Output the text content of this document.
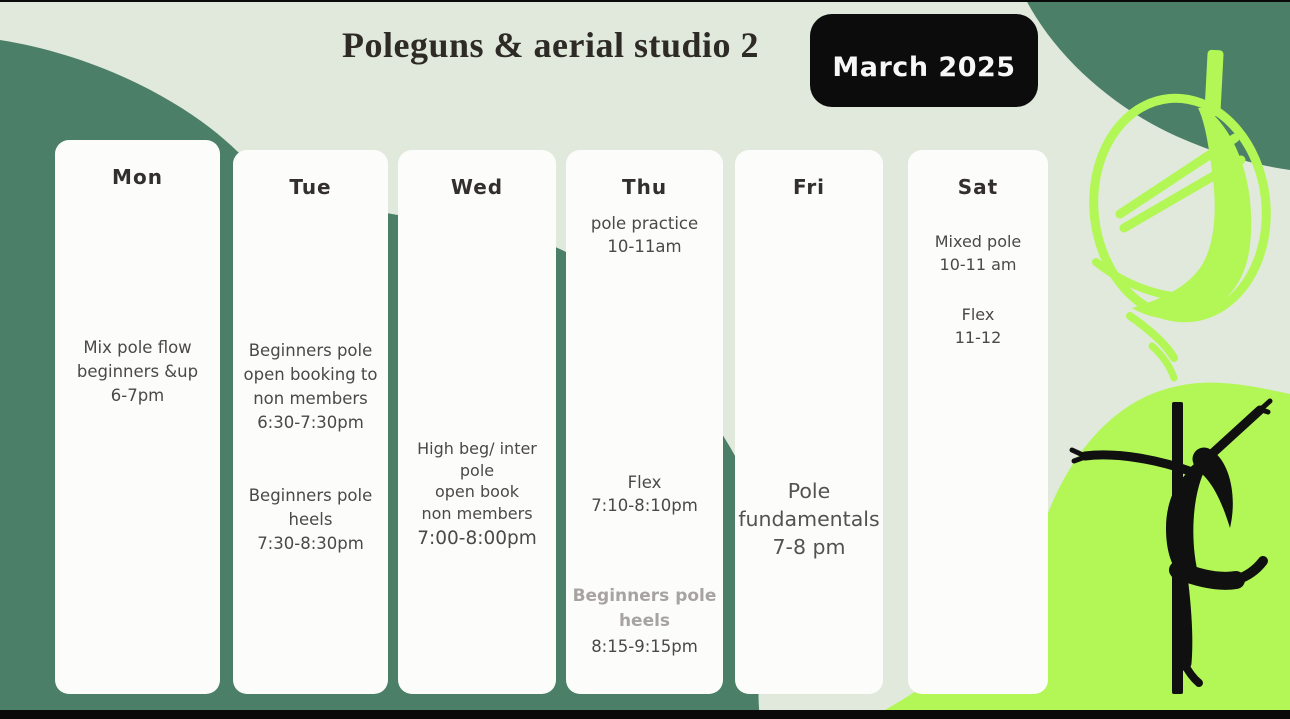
Poleguns & aerial studio 2
March 2025
Mon
Mix pole flow
beginners &up
6-7pm
Tue
Beginners pole
open booking to
non members
6:30-7:30pm
Beginners pole
heels
7:30-8:30pm
Wed
High beg/ inter pole
open book
non members
7:00-8:00pm
Thu
pole practice
10-11am
Flex
7:10-8:10pm
Beginners pole
heels
8:15-9:15pm
Fri
Pole
fundamentals
7-8 pm
Sat
Mixed pole
10-11 am
Flex
11-12
